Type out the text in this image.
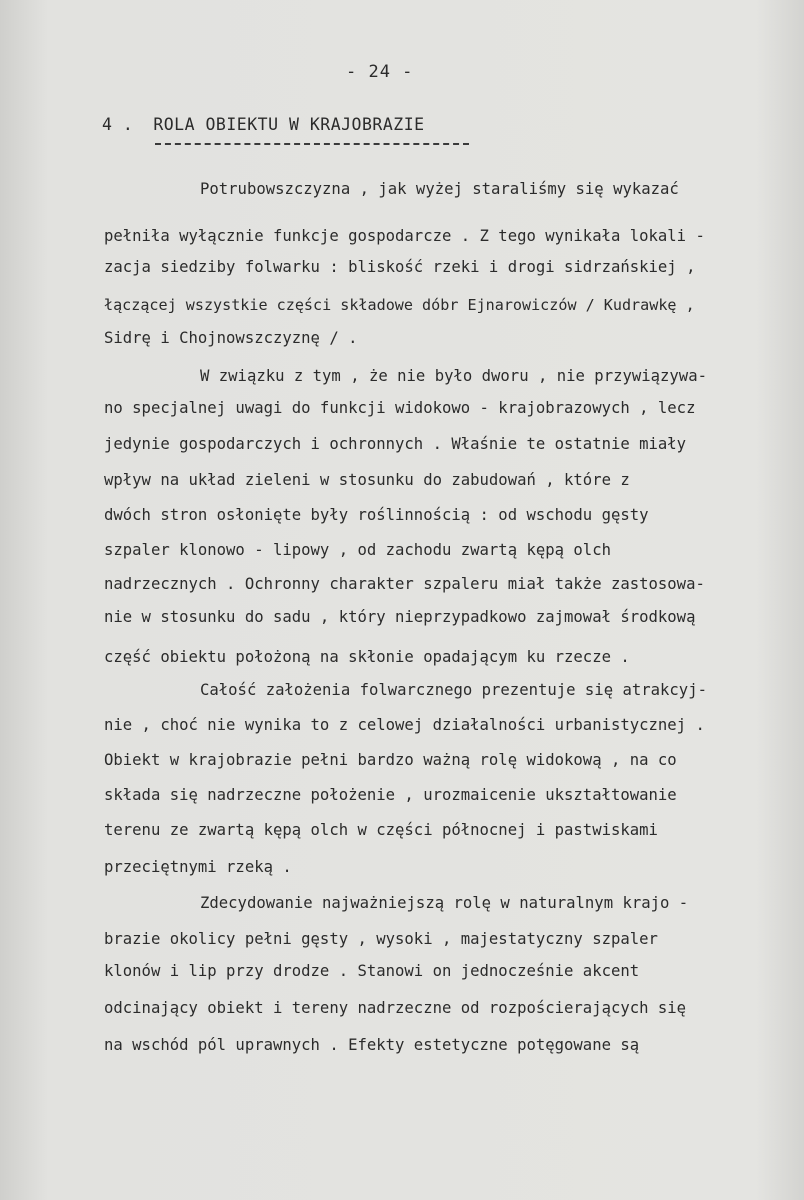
- 24 -
4 . ROLA OBIEKTU W KRAJOBRAZIE
Potrubowszczyzna , jak wyżej staraliśmy się wykazać
pełniła wyłącznie funkcje gospodarcze . Z tego wynikała lokali -
zacja siedziby folwarku : bliskość rzeki i drogi sidrzańskiej ,
łączącej wszystkie części składowe dóbr Ejnarowiczów / Kudrawkę ,
Sidrę i Chojnowszczyznę / .
W związku z tym , że nie było dworu , nie przywiązywa-
no specjalnej uwagi do funkcji widokowo - krajobrazowych , lecz
jedynie gospodarczych i ochronnych . Właśnie te ostatnie miały
wpływ na układ zieleni w stosunku do zabudowań , które z
dwóch stron osłonięte były roślinnością : od wschodu gęsty
szpaler klonowo - lipowy , od zachodu zwartą kępą olch
nadrzecznych . Ochronny charakter szpaleru miał także zastosowa-
nie w stosunku do sadu , który nieprzypadkowo zajmował środkową
część obiektu położoną na skłonie opadającym ku rzecze .
Całość założenia folwarcznego prezentuje się atrakcyj-
nie , choć nie wynika to z celowej działalności urbanistycznej .
Obiekt w krajobrazie pełni bardzo ważną rolę widokową , na co
składa się nadrzeczne położenie , urozmaicenie ukształtowanie
terenu ze zwartą kępą olch w części północnej i pastwiskami
przeciętnymi rzeką .
Zdecydowanie najważniejszą rolę w naturalnym krajo -
brazie okolicy pełni gęsty , wysoki , majestatyczny szpaler
klonów i lip przy drodze . Stanowi on jednocześnie akcent
odcinający obiekt i tereny nadrzeczne od rozpościerających się
na wschód pól uprawnych . Efekty estetyczne potęgowane są
